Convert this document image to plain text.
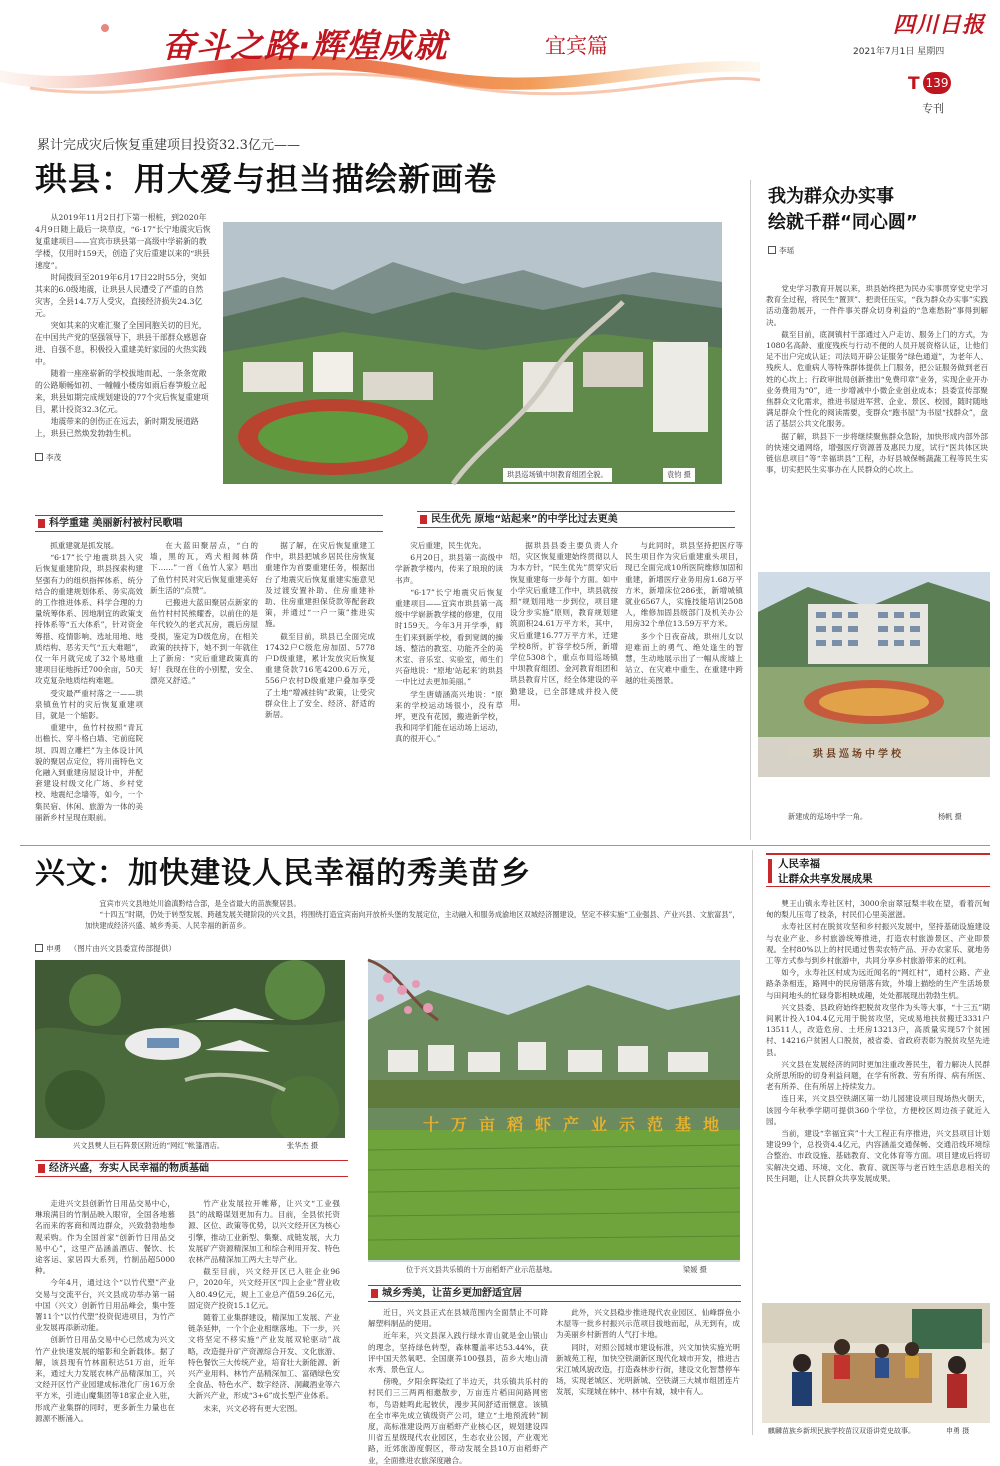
奋斗之路·辉煌成就	宜宾篇
四川日报
2021年7月1日 星期四
T 139
专刊
累计完成灾后恢复重建项目投资32.3亿元——
珙县：用大爱与担当描绘新画卷

从2019年11月2日打下第一根桩，到2020年4月9日随上最后一块草皮，“6·17”长宁地震灾后恢复重建项目——宜宾市珙县第一高级中学崭新的教学楼，仅用时159天，创造了灾后重建以来的“珙县速度”。

时间拨回至2019年6月17日22时55分，突如其来的6.0级地震，让珙县人民遭受了严重的自然灾害，全县14.7万人受灾，直接经济损失24.3亿元。

突如其来的灾难汇聚了全国同胞关切的目光，在中国共产党的坚强领导下，珙县干部群众感恩奋进、自强不息，积极投入重建美好家园的火热实践中。

随着一座座崭新的学校拔地而起、一条条宽敞的公路顺畅如初、一幢幢小楼房如雨后春笋般立起来，珙县如期完成规划建设的77个灾后恢复重建项目，累计投资32.3亿元。

地震带来的创伤正在远去，新时期发展道路上，珙县已然焕发勃勃生机。

李茂
珙县巡场镇中坝教育组团全貌。	袁钧 摄
科学重建 美丽新村被村民歌唱	民生优先 原地“站起来”的中学比过去更美

抓重建就是抓发展。

“6·17”长宁地震珙县入灾后恢复重建阶段，珙县探索构建坚强有力的组织指挥体系、统分结合的重建规划体系、务实高效的工作推进体系、科学合理的力量统筹体系、因地制宜的政策支持体系等“五大体系”，针对资金筹措、疫情影响、选址用地、地质结构、恶劣天气“五大难题”，仅一年月就完成了32个易地重建项目征地拆迁700余亩，50天攻克复杂地质结构难题。

受灾最严重村落之一——珙泉镇鱼竹村的灾后恢复重建项目，就是一个缩影。

重建中，鱼竹村按照“青瓦出檐长、穿斗格白墙、宅前庭院坝、四周立雕栏”为主体设计风貌的聚居点定位，将川南特色文化融入到重建房屋设计中，并配套建设村级文化广场、乡村党校、地震纪念墙等，如今，一个集民宿、休闲、旅游为一体的美丽新乡村呈现在眼前。

在大蓝田聚居点，“白的墙，黑的瓦，鸡犬相闻林荫下……”一首《鱼竹人家》唱出了鱼竹村民对灾后恢复重建美好新生活的“点赞”。

已搬进大蓝田聚居点新家的鱼竹村村民熊耀香，以前住的是年代较久的老式瓦房，震后房屋受损，鉴定为D级危房，在相关政策的扶持下，她不到一年就住上了新房：“灾后重建政策真的好！我现在住的小别墅，安全、漂亮又舒适。”

据了解，在灾后恢复重建工作中，珙县把城乡居民住房恢复重建作为首要重建任务，根据出台了地震灾后恢复重建实施意见及过渡安置补助、住房重建补助、住房重建担保贷款等配套政策，并通过“一户一策”推进实施。

截至目前，珙县已全面完成17432户C级危房加固、5778户D级重建，累计发放灾后恢复重建贷款716笔4200.6万元，556户农村D级重建户叠加享受了土地“增减挂钩”政策，让受灾群众住上了安全、经济、舒适的新居。

灾后重建，民生优先。

6月20日，珙县第一高级中学新教学楼内，传来了琅琅的读书声。

“6·17”长宁地震灾后恢复重建项目——宜宾市珙县第一高级中学崭新教学楼的修建，仅用时159天。今年3月开学季，师生们来到新学校，看到宽阔的操场、整洁的教室、功能齐全的美术室、音乐室、实验室，师生们兴奋地说：“原地‘站起来’的珙县一中比过去更加美丽。”

学生唐婧涵高兴地说：“原来的学校运动场很小，没有草坪，更没有花园，搬进新学校，我和同学们能在运动场上运动，真的很开心。”

据珙县县委主要负责人介绍，灾区恢复重建始终贯彻以人为本方针，“民生优先”贯穿灾后恢复重建每一步每个方面。如中小学灾后重建工作中，珙县就按照“规划用地一步到位，项目建设分步实施”原则，教育规划建筑面积24.61万平方米，其中，灾后重建16.77万平方米，迁建学校8所，扩容学校5所，新增学位5308个，重点布局巡场镇中坝教育组团、金河教育组团和珙县教育片区，经全体建设的辛勤建设，已全部建成并投入使用。

与此同时，珙县坚持把医疗等民生项目作为灾后重建重头项目，现已全面完成10所医院维修加固和重建，新增医疗业务用房1.68万平方米，新增床位286张，新增城镇就业6567人，实施技能培训2508人，维修加固县级部门及机关办公用房32个单位13.59万平方米。

多少个日夜奋战，珙州儿女以迎难而上的勇气、绝处逢生的智慧，生动地展示出了一幅从废墟上站立、在灾难中重生、在重建中跨越的壮美图景。

珙县巡场中学校
新建成的巡场中学一角。	杨帆 摄
我为群众办实事
绘就千群“同心圆”
李瑶

党史学习教育开展以来，珙县始终把为民办实事贯穿党史学习教育全过程，将民生“置顶”、把责任压实，“我为群众办实事”实践活动蓬勃展开，一件件事关群众切身利益的“急难愁盼”事得到解决。

截至目前，底洞镇村干部通过入户走访、服务上门的方式，为1080名高龄、重度残疾与行动不便的人员开展资格认证，让他们足不出户完成认证；司法局开辟公证服务“绿色通道”，为老年人、残疾人、危重病人等特殊群体提供上门服务，把公证服务做到老百姓的心坎上；行政审批局创新推出“免费印章”业务，实现企业开办业务费用为“0”，进一步增减中小微企业创业成本；县委宣传部聚焦群众文化需求，推进书屋进军营、企业、景区、校园，随时随地满足群众个性化的阅读需要，变群众“跑书屋”为书屋“找群众”，盘活了基层公共文化服务。

据了解，珙县下一步将继续聚焦群众急盼，加快形成内部外部的快速交通网络，增强医疗资源普及惠民力度，试行“医共体区块链信息项目”等“幸福珙县”工程，办好县城保畅蔬蔬工程等民生实事，切实把民生实事办在人民群众的心坎上。

兴文：加快建设人民幸福的秀美苗乡

宜宾市兴文县地处川渝滇黔结合部，是全省最大的苗族聚居县。

“十四五”时期，仍处于转型发展、跨越发展关键阶段的兴文县，将围绕打造宜宾南向开放桥头堡的发展定位，主动融入和服务成渝地区双城经济圈建设，坚定不移实施“工业强县、产业兴县、文旅富县”，加快建成经济兴盛、城乡秀美、人民幸福的新苗乡。

申勇 （图片由兴文县委宣传部提供）
兴文县僰人巨石阵景区附近的“网红”帐篷酒店。	张华杰 摄
十万亩稻虾产业示范基地
位于兴文县共乐镇的十万亩稻虾产业示范基地。	梁媛 摄
经济兴盛，夯实人民幸福的物质基础

走进兴文县创新竹日用品交易中心，琳琅满目的竹制品映入眼帘，全国各地慕名而来的客商和周边群众，兴致勃勃地参观采购。作为全国首家“创新竹日用品交易中心”，这里产品涵盖酒店、餐饮、长途客运、家居四大系列，竹制品超5000种。

今年4月，通过这个“以竹代塑”产业交易与交流平台，兴文县成功举办第一届中国（兴文）创新竹日用品峰会，集中签署11个“以竹代塑”投资促进项目，为竹产业发展再添新动能。

创新竹日用品交易中心已然成为兴文竹产业快速发展的缩影和全新载体。据了解，该县现有竹林面积达51万亩，近年来，通过大力发展农林产品精深加工，兴文经开区竹产业园建成标准化厂房16万余平方米，引进山魔集团等18家企业入驻，形成产业集群的同时，更多新生力量也在源源不断涌入。

竹产业发展拉开帷幕，让兴文“工业强县”的战略谋划更加有力。目前，全县依托资源、区位、政策等优势，以兴文经开区为核心引擎，推动工业新型、集聚、成链发展，大力发展矿产资源精深加工和综合利用开发、特色农林产品精深加工两大主导产业。

截至目前，兴文经开区已入驻企业96户，2020年，兴文经开区“四上企业”营业收入80.49亿元，规上工业总产值59.26亿元，固定资产投资15.1亿元。

随着工业集群建设，精深加工发展、产业链条延伸，一个个企业相继落地。下一步，兴文将坚定不移实施“产业发展双轮驱动”战略，改造提升矿产资源综合开发、文化旅游、特色餐饮三大传统产业，培育壮大新能源、新兴产业用料、林竹产品精深加工、富硒绿色安全食品、特色水产、数字经济、洞藏酒业等六大新兴产业，形成“3+6”成长型产业体系。

未来，兴文必将有更大宏图。

城乡秀美，让苗乡更加舒适宜居

近日，兴文县正式在县城范围内全面禁止不可降解塑料制品的使用。

近年来，兴文县深入践行绿水青山就是金山银山的理念，坚持绿色转型，森林覆盖率达53.44%，获评中国天然氧吧、全国康养100强县，苗乡大地山清水秀、景色宜人。

傍晚，夕阳余晖染红了半边天，共乐镇共乐村的村民们三三两两相邀散步，万亩连片稻田间路网密布，鸟语蛙鸣此起彼伏，漫步其间舒适而惬意。该镇在全市率先成立镇级资产公司，建立“土地预流转”制度，高标准建设两万亩稻虾产业核心区，规划建设四川省五星级现代农业园区，生态农业公园，产业观光路，近郊旅游度假区，带动发展全县10万亩稻虾产业，全面推进农旅深度融合。

此外，兴文县稳步推进现代农业园区、仙峰群鱼小木屋等一批乡村振兴示范项目拔地而起，从无到有，成为美丽乡村新晋的人气打卡地。

同时，对照公园城市建设标准，兴文加快实施光明新城苑工程，加快空铁湖新区现代化城市开发，推进古宋江城风貌改造，打造森林步行街，建设文化智慧停车场，实现老城区、光明新城、空铁湖三大城市组团连片发展，实现城在林中、林中有城，城中有人。

人民幸福
让群众共享发展成果

僰王山镇永寿社区村，3000余亩翠冠梨丰收在望，看着沉甸甸的梨儿压弯了枝条，村民们心里美滋滋。

永寿社区村在脱贫攻坚和乡村振兴发展中，坚持基础设施建设与农业产业、乡村旅游统筹推进，打造农村旅游景区、产业即景观。全村80%以上的村民通过售卖农特产品、开办农家乐、就地务工等方式参与到乡村旅游中，共同分享乡村旅游带来的红利。

如今，永寿社区村成为远近闻名的“网红村”，通村公路、产业路条条相连，路网中的民房错落有致，外墙上描绘的生产生活场景与田间地头的忙碌身影相映成趣，处处都展现出勃勃生机。

兴文县委、县政府始终把脱贫攻坚作为头等大事，“十三五”期间累计投入104.4亿元用于脱贫攻坚，完成易地扶贫搬迁3331户13511人，改造危房、土坯房13213户，高质量实现57个贫困村、14216户贫困人口脱贫，被省委、省政府表彰为脱贫攻坚先进县。

兴文县在发展经济的同时更加注重改善民生，着力解决人民群众所思所盼的切身利益问题，在学有所教、劳有所得、病有所医、老有所养、住有所居上持续发力。

连日来，兴文县空铁湖区第一幼儿园建设项目现场热火朝天，该园今年秋季学期可提供360个学位，方便校区周边孩子就近入园。

当前，建设“幸福宜宾”十大工程正有序推进，兴文县项目计划建设99个，总投资4.4亿元，内容涵盖交通保畅、交通沿线环境综合整治、市政设施、基础教育、文化体育等方面。项目建成后将切实解决交通、环境、文化、教育、就医等与老百姓生活息息相关的民生问题，让人民群众共享发展成果。

麒麟苗族乡新坝民族学校苗汉双语讲党史故事。	申勇 摄
